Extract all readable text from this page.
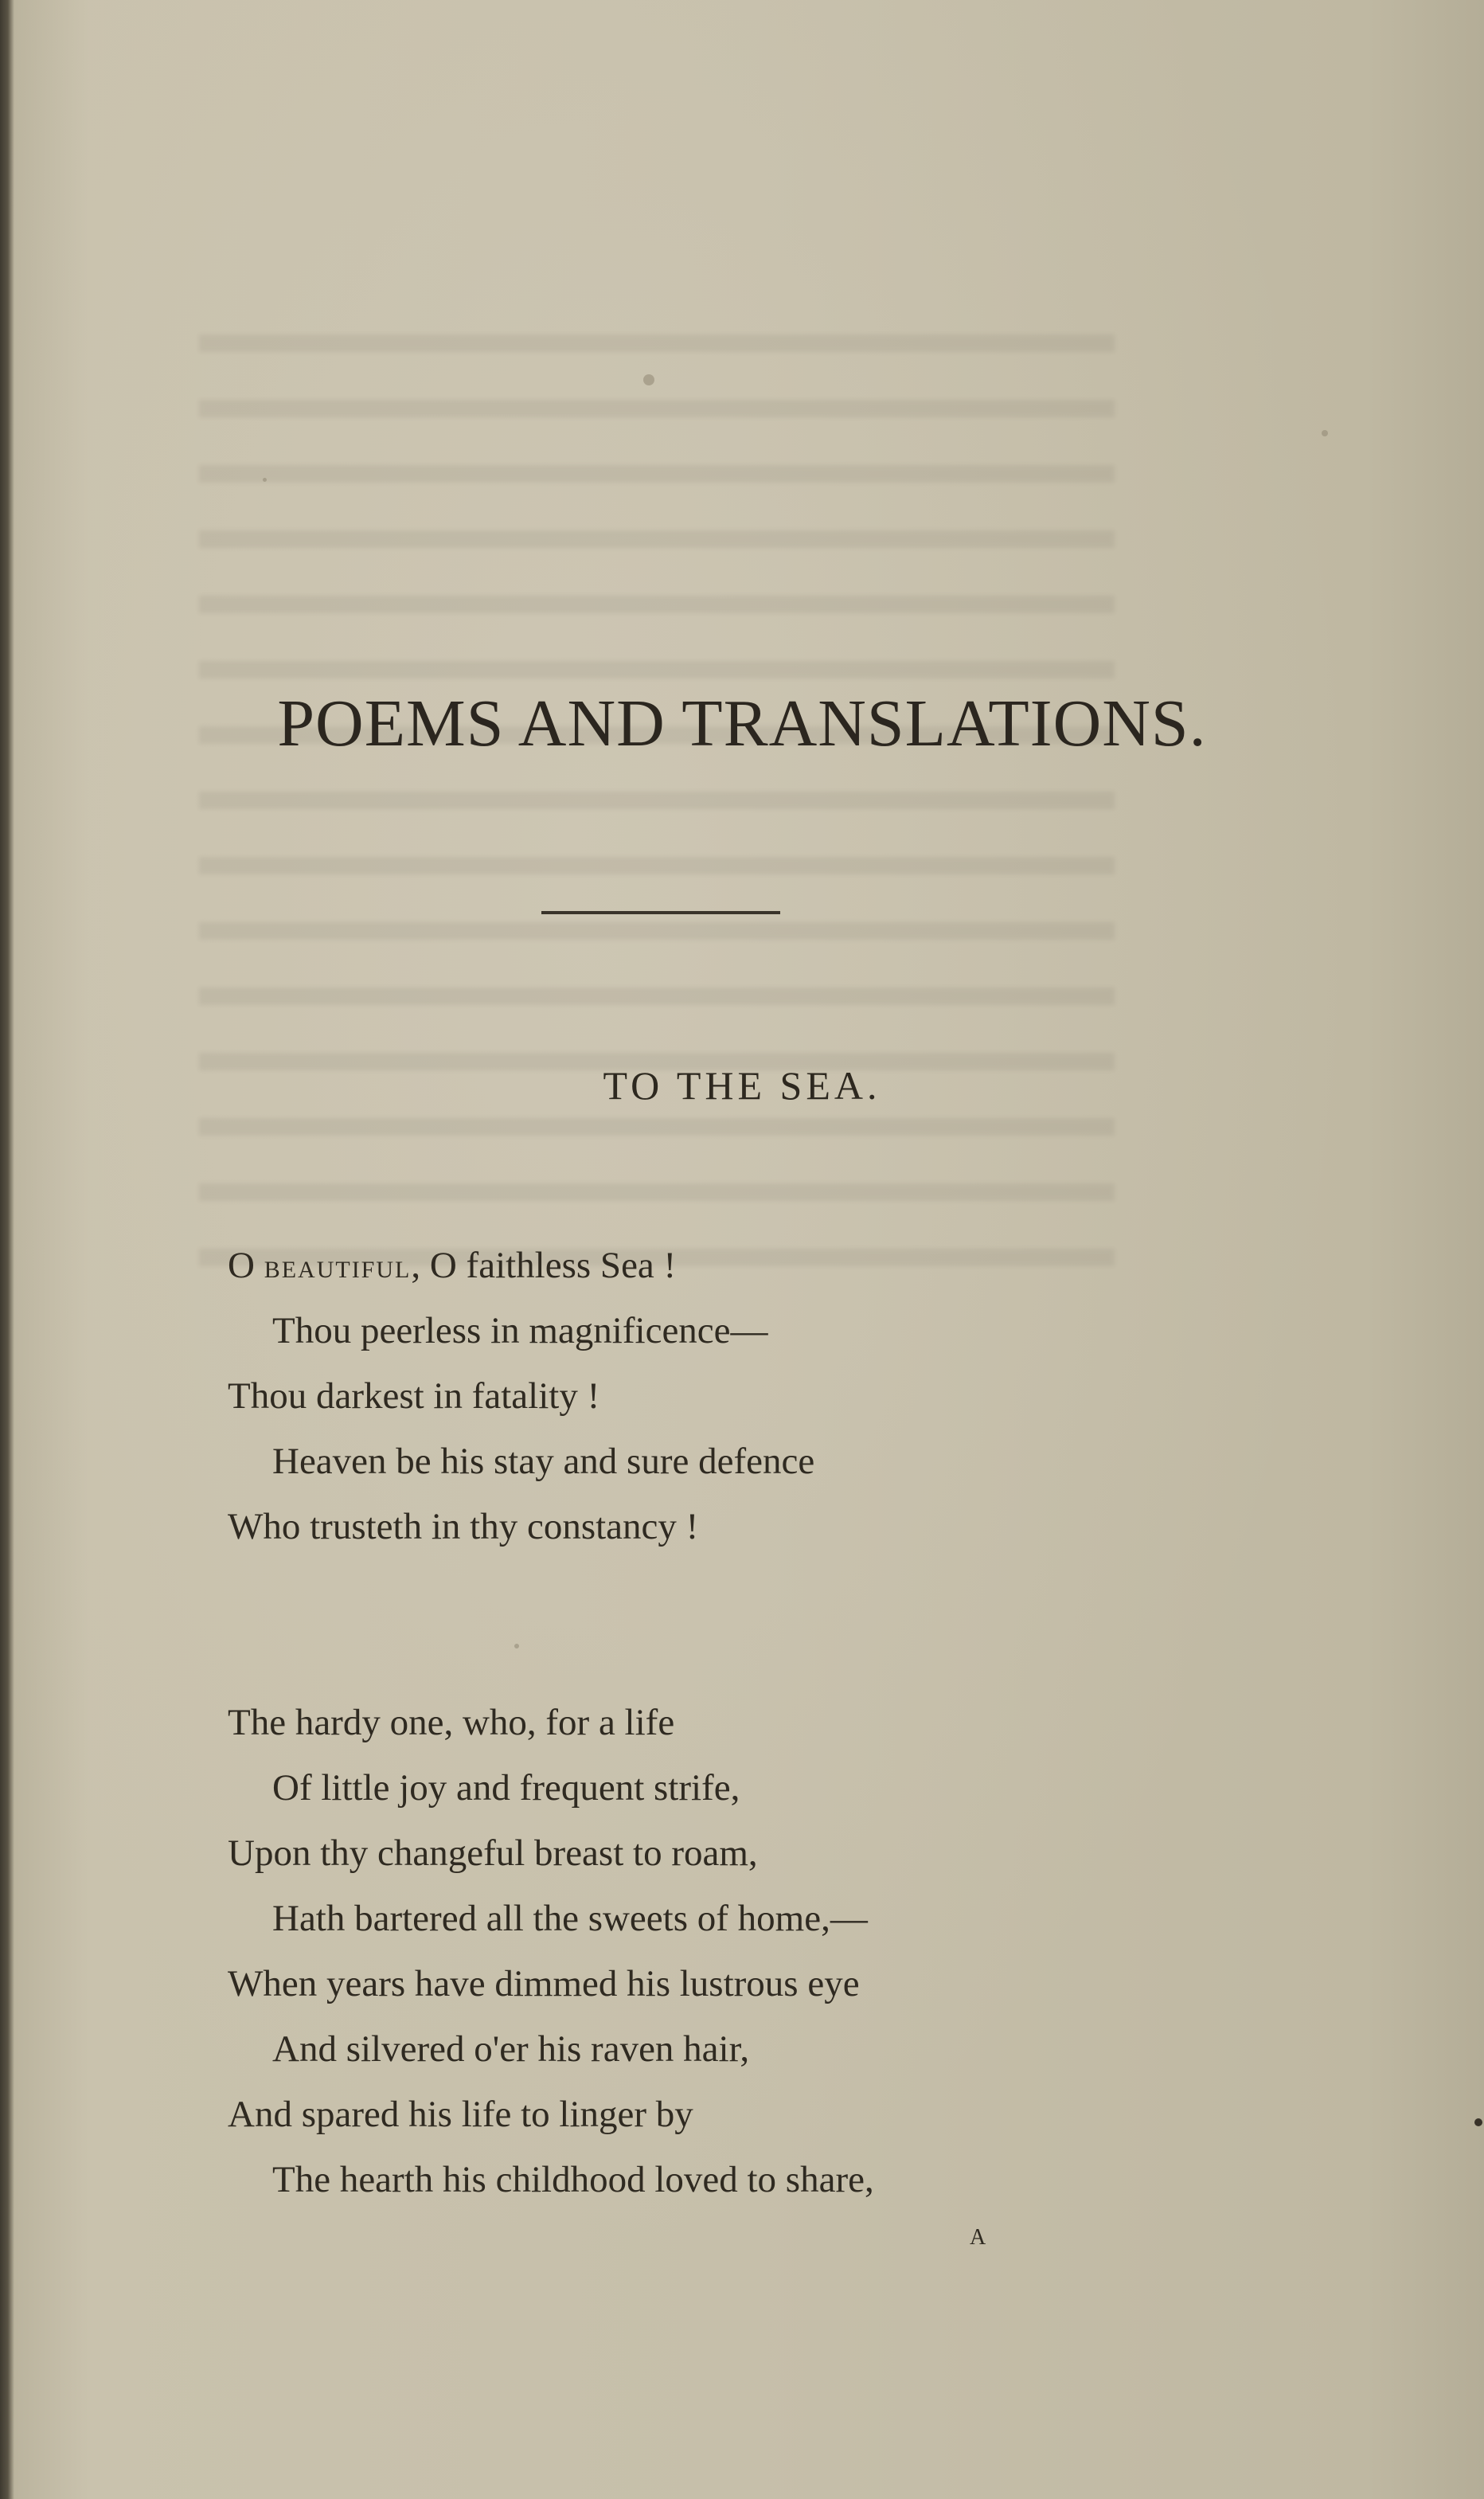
POEMS AND TRANSLATIONS.
TO THE SEA.
O beautiful, O faithless Sea !
Thou peerless in magnificence—
Thou darkest in fatality !
Heaven be his stay and sure defence
Who trusteth in thy constancy !
The hardy one, who, for a life
Of little joy and frequent strife,
Upon thy changeful breast to roam,
Hath bartered all the sweets of home,—
When years have dimmed his lustrous eye
And silvered o'er his raven hair,
And spared his life to linger by
The hearth his childhood loved to share,
A
